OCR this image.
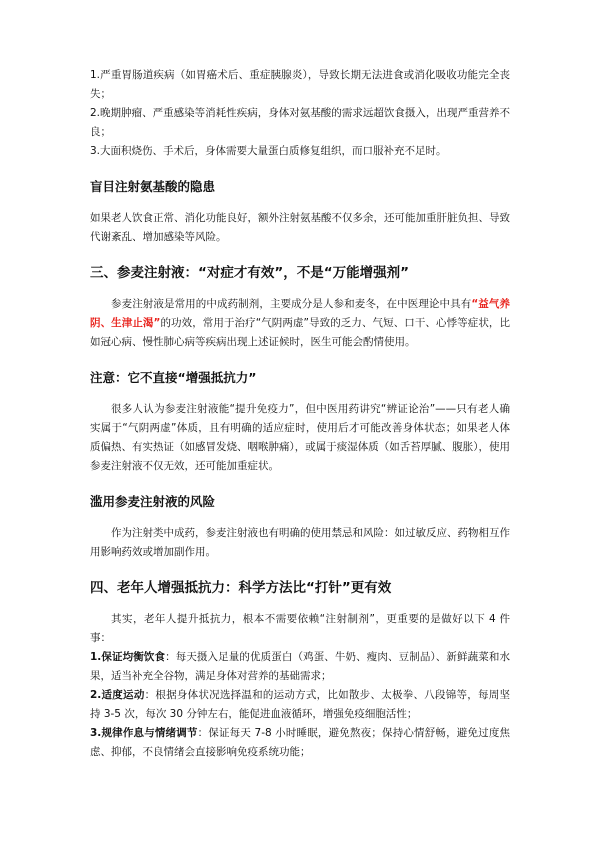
1.严重胃肠道疾病（如胃癌术后、重症胰腺炎），导致长期无法进食或消化吸收功能完全丧失；

2.晚期肿瘤、严重感染等消耗性疾病，身体对氨基酸的需求远超饮食摄入，出现严重营养不良；

3.大面积烧伤、手术后，身体需要大量蛋白质修复组织，而口服补充不足时。

盲目注射氨基酸的隐患

如果老人饮食正常、消化功能良好，额外注射氨基酸不仅多余，还可能加重肝脏负担、导致代谢紊乱、增加感染等风险。

三、参麦注射液：“对症才有效”，不是“万能增强剂”

参麦注射液是常用的中成药制剂，主要成分是人参和麦冬，在中医理论中具有“益气养阴、生津止渴”的功效，常用于治疗“气阴两虚”导致的乏力、气短、口干、心悸等症状，比如冠心病、慢性肺心病等疾病出现上述证候时，医生可能会酌情使用。

注意：它不直接“增强抵抗力”

很多人认为参麦注射液能“提升免疫力”，但中医用药讲究“辨证论治”——只有老人确实属于“气阴两虚”体质，且有明确的适应症时，使用后才可能改善身体状态；如果老人体质偏热、有实热证（如感冒发烧、咽喉肿痛），或属于痰湿体质（如舌苔厚腻、腹胀），使用参麦注射液不仅无效，还可能加重症状。

滥用参麦注射液的风险

作为注射类中成药，参麦注射液也有明确的使用禁忌和风险：如过敏反应、药物相互作用影响药效或增加副作用。

四、老年人增强抵抗力：科学方法比“打针”更有效

其实，老年人提升抵抗力，根本不需要依赖“注射制剂”，更重要的是做好以下 4 件事：

1.保证均衡饮食：每天摄入足量的优质蛋白（鸡蛋、牛奶、瘦肉、豆制品）、新鲜蔬菜和水果，适当补充全谷物，满足身体对营养的基础需求；

2.适度运动：根据身体状况选择温和的运动方式，比如散步、太极拳、八段锦等，每周坚持 3-5 次，每次 30 分钟左右，能促进血液循环，增强免疫细胞活性；

3.规律作息与情绪调节：保证每天 7-8 小时睡眠，避免熬夜；保持心情舒畅，避免过度焦虑、抑郁，不良情绪会直接影响免疫系统功能；
